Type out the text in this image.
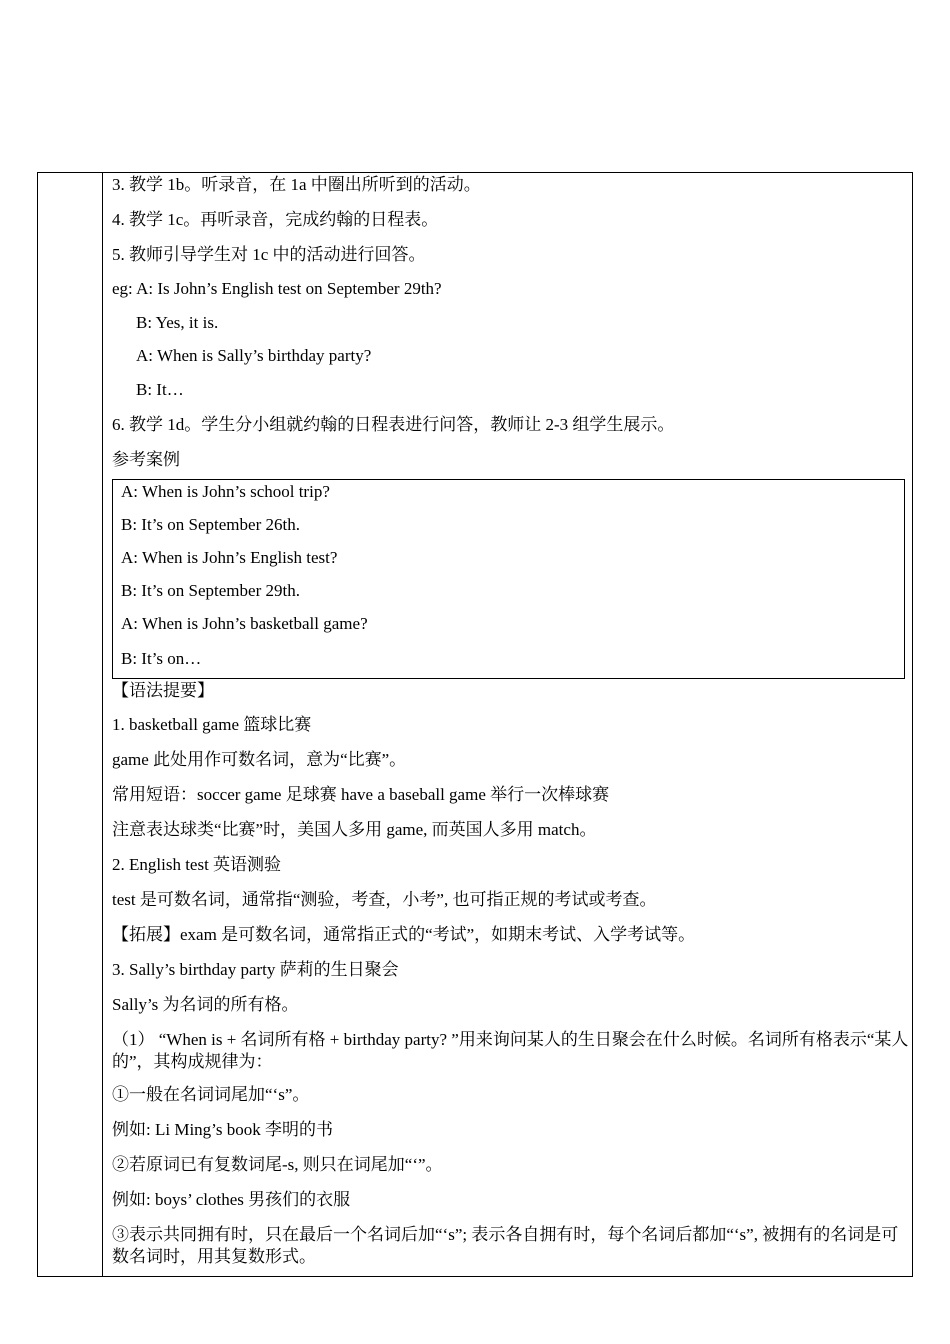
3. 教学 1b。听录音，在 1a 中圈出所听到的活动。
4. 教学 1c。再听录音，完成约翰的日程表。
5. 教师引导学生对 1c 中的活动进行回答。
eg: A: Is John’s English test on September 29th?
B: Yes, it is.
A: When is Sally’s birthday party?
B: It…
6. 教学 1d。学生分小组就约翰的日程表进行问答，教师让 2-3 组学生展示。
参考案例
A: When is John’s school trip?
B: It’s on September 26th.
A: When is John’s English test?
B: It’s on September 29th.
A: When is John’s basketball game?
B: It’s on…
【语法提要】
1. basketball game 篮球比赛
game 此处用作可数名词，意为“比赛”。
常用短语：soccer game 足球赛 have a baseball game 举行一次棒球赛
注意表达球类“比赛”时，美国人多用 game, 而英国人多用 match。
2. English test 英语测验
test 是可数名词，通常指“测验，考查，小考”, 也可指正规的考试或考查。
【拓展】exam 是可数名词，通常指正式的“考试”，如期末考试、入学考试等。
3. Sally’s birthday party 萨莉的生日聚会
Sally’s 为名词的所有格。
（1） “When is + 名词所有格 + birthday party? ”用来询问某人的生日聚会在什么时候。名词所有格表示“某人的”，其构成规律为：
①一般在名词词尾加“‘s”。
例如: Li Ming’s book 李明的书
②若原词已有复数词尾-s, 则只在词尾加“‘”。
例如: boys’ clothes 男孩们的衣服
③表示共同拥有时，只在最后一个名词后加“‘s”; 表示各自拥有时，每个名词后都加“‘s”, 被拥有的名词是可数名词时，用其复数形式。
